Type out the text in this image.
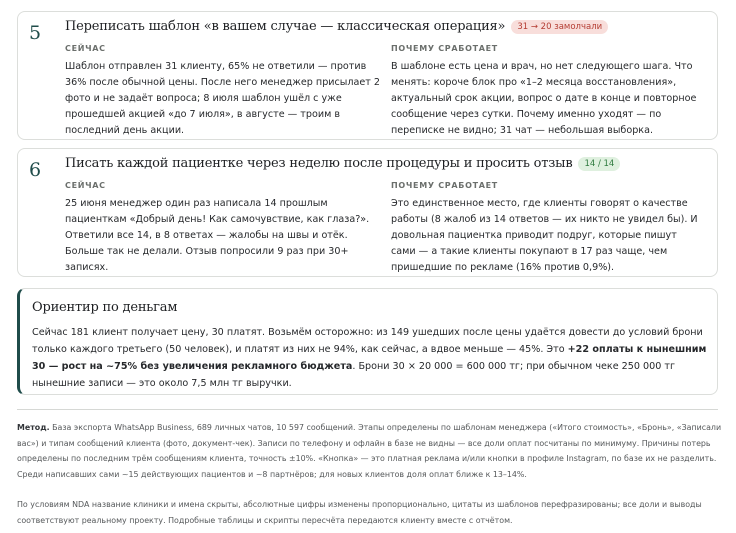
5 Переписать шаблон «в вашем случае — классическая операция» 31 → 20 замолчали
СЕЙЧАС
Шаблон отправлен 31 клиенту, 65% не ответили — против 36% после обычной цены. После него менеджер присылает 2 фото и не задаёт вопроса; 8 июля шаблон ушёл с уже прошедшей акцией «до 7 июля», в августе — троим в последний день акции.
ПОЧЕМУ СРАБОТАЕТ
В шаблоне есть цена и врач, но нет следующего шага. Что менять: короче блок про «1–2 месяца восстановления», актуальный срок акции, вопрос о дате в конце и повторное сообщение через сутки. Почему именно уходят — по переписке не видно; 31 чат — небольшая выборка.
6 Писать каждой пациентке через неделю после процедуры и просить отзыв 14 / 14
СЕЙЧАС
25 июня менеджер один раз написала 14 прошлым пациенткам «Добрый день! Как самочувствие, как глаза?». Ответили все 14, в 8 ответах — жалобы на швы и отёк. Больше так не делали. Отзыв попросили 9 раз при 30+ записях.
ПОЧЕМУ СРАБОТАЕТ
Это единственное место, где клиенты говорят о качестве работы (8 жалоб из 14 ответов — их никто не увидел бы). И довольная пациентка приводит подруг, которые пишут сами — а такие клиенты покупают в 17 раз чаще, чем пришедшие по рекламе (16% против 0,9%).
Ориентир по деньгам
Сейчас 181 клиент получает цену, 30 платят. Возьмём осторожно: из 149 ушедших после цены удаётся довести до условий брони только каждого третьего (50 человек), и платят из них не 94%, как сейчас, а вдвое меньше — 45%. Это +22 оплаты к нынешним 30 — рост на ~75% без увеличения рекламного бюджета. Брони 30 × 20 000 = 600 000 тг; при обычном чеке 250 000 тг нынешние записи — это около 7,5 млн тг выручки.
Метод. База экспорта WhatsApp Business, 689 личных чатов, 10 597 сообщений. Этапы определены по шаблонам менеджера («Итого стоимость», «Бронь», «Записали вас») и типам сообщений клиента (фото, документ-чек). Записи по телефону и офлайн в базе не видны — все доли оплат посчитаны по минимуму. Причины потерь определены по последним трём сообщениям клиента, точность ±10%. «Кнопка» — это платная реклама и/или кнопки в профиле Instagram, по базе их не разделить. Среди написавших сами ~15 действующих пациентов и ~8 партнёров; для новых клиентов доля оплат ближе к 13–14%.
По условиям NDA название клиники и имена скрыты, абсолютные цифры изменены пропорционально, цитаты из шаблонов перефразированы; все доли и выводы соответствуют реальному проекту. Подробные таблицы и скрипты пересчёта передаются клиенту вместе с отчётом.
